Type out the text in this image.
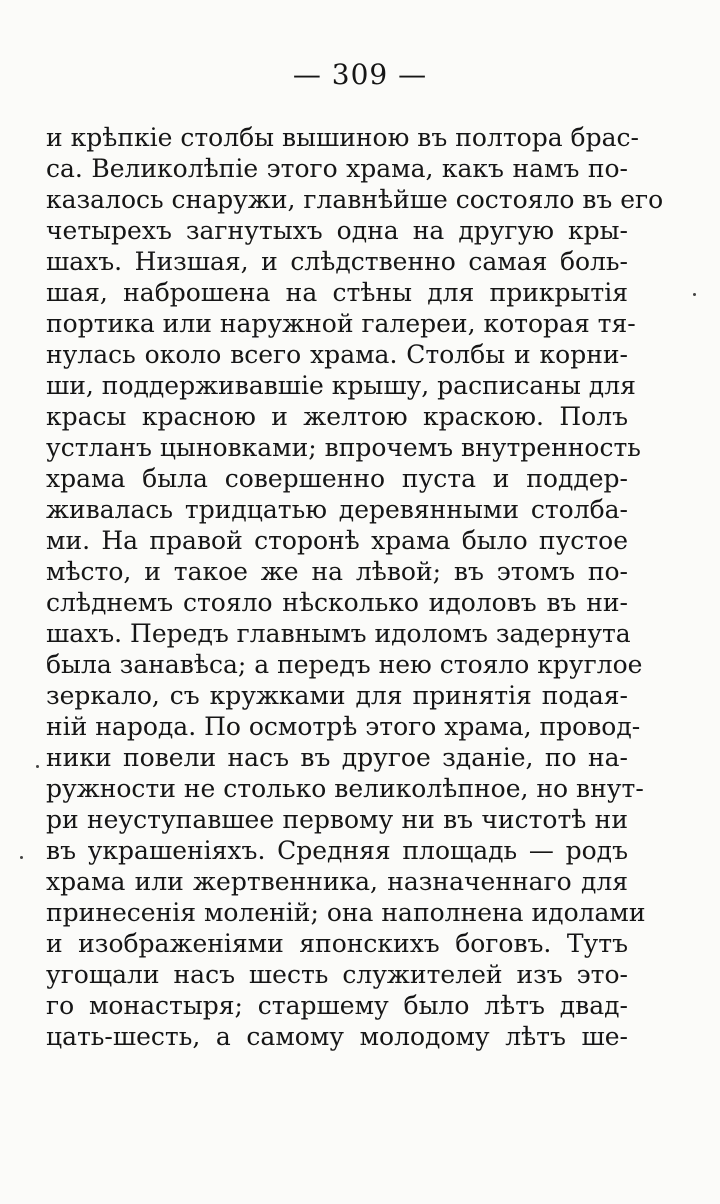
— 309 —
и крѣпкіе столбы вышиною въ полтора брас-
са. Великолѣпіе этого храма, какъ намъ по-
казалось снаружи, главнѣйше состояло въ его
четырехъ загнутыхъ одна на другую кры-
шахъ. Низшая, и слѣдственно самая боль-
шая, наброшена на стѣны для прикрытія
портика или наружной галереи, которая тя-
нулась около всего храма. Столбы и корни-
ши, поддерживавшіе крышу, расписаны для
красы красною и желтою краскою. Полъ
устланъ цыновками; впрочемъ внутренность
храма была совершенно пуста и поддер-
живалась тридцатью деревянными столба-
ми. На правой сторонѣ храма было пустое
мѣсто, и такое же на лѣвой; въ этомъ по-
слѣднемъ стояло нѣсколько идоловъ въ ни-
шахъ. Передъ главнымъ идоломъ задернута
была занавѣса; а передъ нею стояло круглое
зеркало, съ кружками для принятія подая-
ній народа. По осмотрѣ этого храма, провод-
ники повели насъ въ другое зданіе, по на-
ружности не столько великолѣпное, но внут-
ри неуступавшее первому ни въ чистотѣ ни
въ украшеніяхъ. Средняя площадь — родъ
храма или жертвенника, назначеннаго для
принесенія моленій; она наполнена идолами
и изображеніями японскихъ боговъ. Тутъ
угощали насъ шесть служителей изъ это-
го монастыря; старшему было лѣтъ двад-
цать-шесть, а самому молодому лѣтъ ше-
